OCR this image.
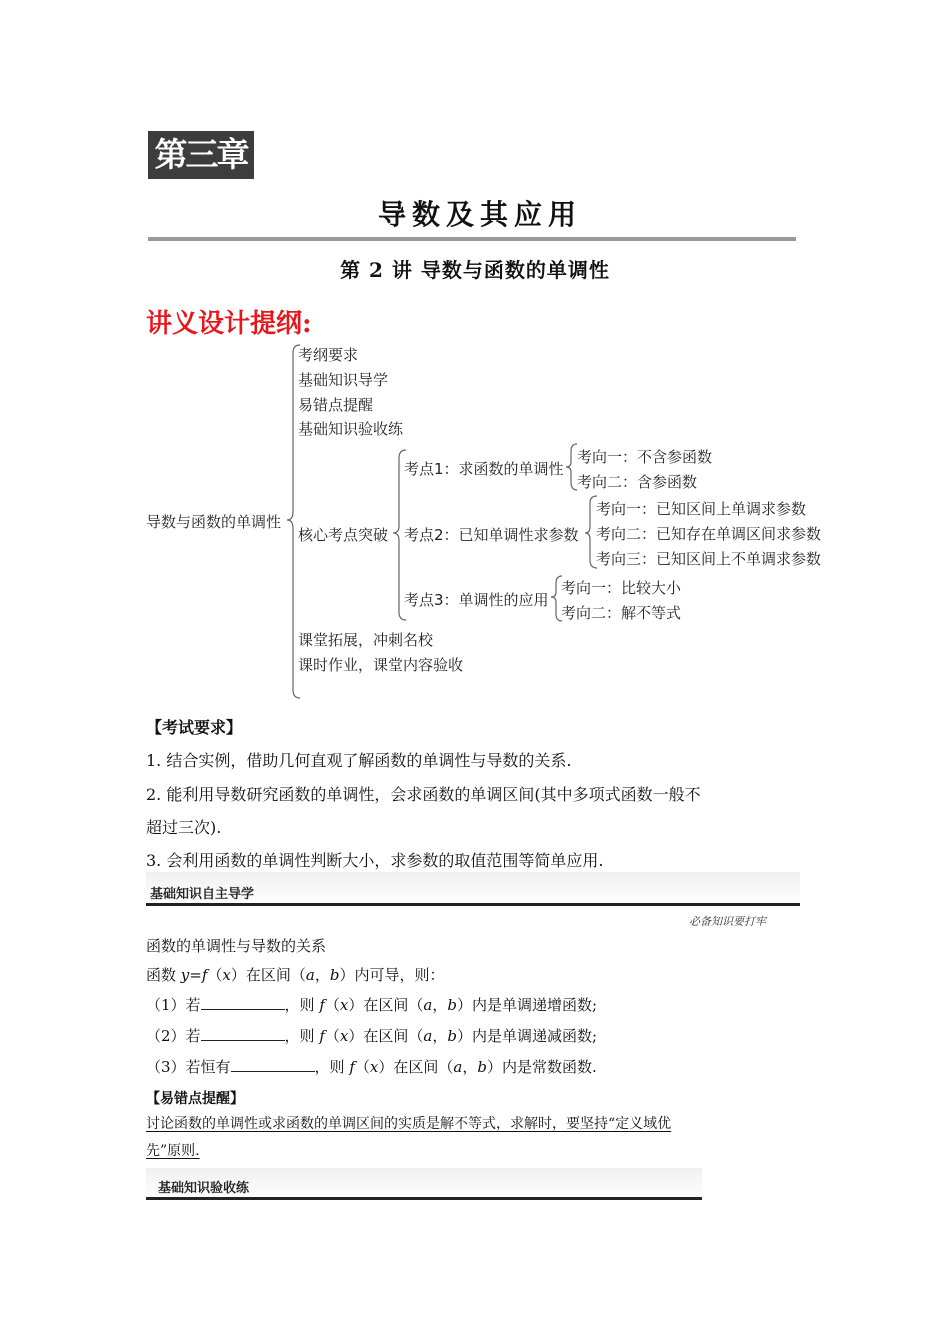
第三章
导数及其应用
第 2 讲 导数与函数的单调性
讲义设计提纲:
导数与函数的单调性
考纲要求
基础知识导学
易错点提醒
基础知识验收练
核心考点突破
课堂拓展，冲刺名校
课时作业，课堂内容验收
考点1：求函数的单调性
考向一：不含参函数
考向二：含参函数
考点2：已知单调性求参数
考向一：已知区间上单调求参数
考向二：已知存在单调区间求参数
考向三：已知区间上不单调求参数
考点3：单调性的应用
考向一：比较大小
考向二：解不等式
【考试要求】
1. 结合实例，借助几何直观了解函数的单调性与导数的关系.
2. 能利用导数研究函数的单调性，会求函数的单调区间(其中多项式函数一般不
超过三次).
3. 会利用函数的单调性判断大小，求参数的取值范围等简单应用.
基础知识自主导学
必备知识要打牢
函数的单调性与导数的关系
函数 y=f（x）在区间（a，b）内可导，则：
（1）若	，则 f（x）在区间（a，b）内是单调递增函数;
（2）若	，则 f（x）在区间（a，b）内是单调递减函数;
（3）若恒有	，则 f（x）在区间（a，b）内是常数函数.
【易错点提醒】
讨论函数的单调性或求函数的单调区间的实质是解不等式，求解时，要坚持“定义域优
先”原则.
基础知识验收练
